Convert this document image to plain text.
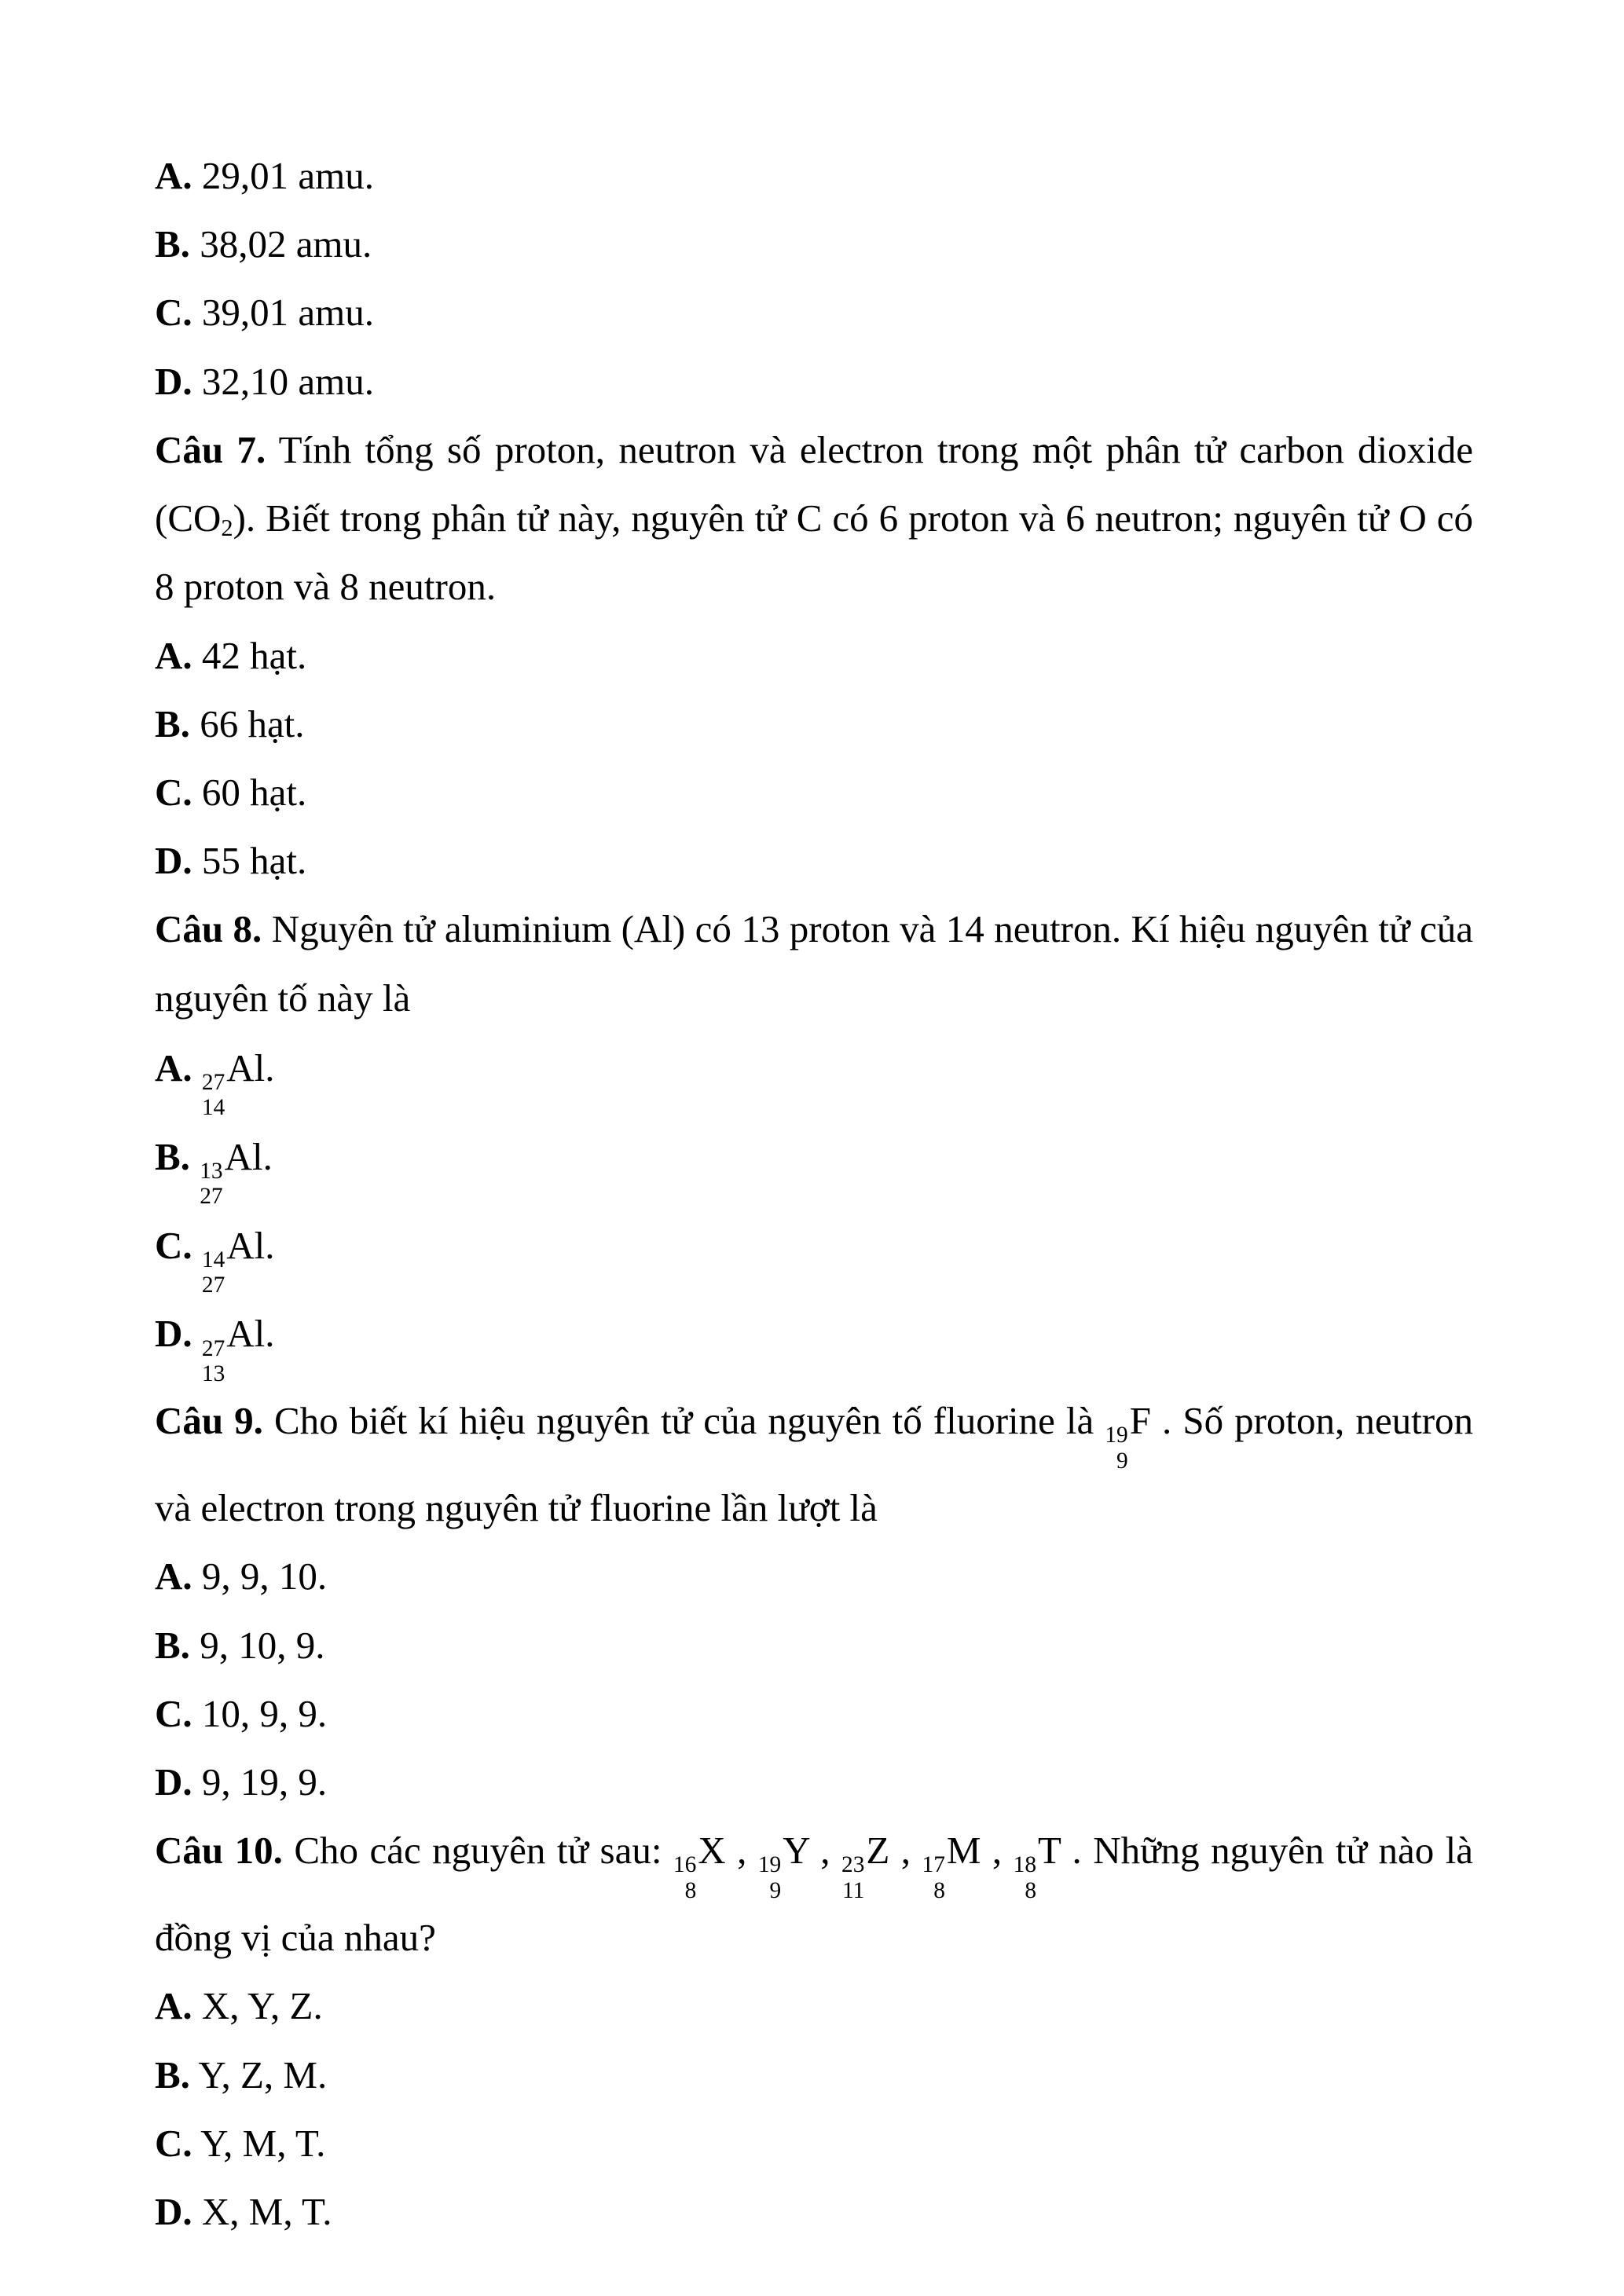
A. 29,01 amu.

B. 38,02 amu.

C. 39,01 amu.

D. 32,10 amu.

Câu 7. Tính tổng số proton, neutron và electron trong một phân tử carbon dioxide $(CO_2)$. Biết trong phân tử này, nguyên tử C có 6 proton và 6 neutron; nguyên tử O có 8 proton và 8 neutron.

A. 42 hạt.

B. 66 hạt.

C. 60 hạt.

D. 55 hạt.

Câu 8. Nguyên tử aluminium (Al) có 13 proton và 14 neutron. Kí hiệu nguyên tử của nguyên tố này là

A. 27
14
Al.

B. 13
27
Al.

C. 14
27
Al.

D. 27
13
Al.

Câu 9. Cho biết kí hiệu nguyên tử của nguyên tố fluorine là 19
9
F . Số proton, neutron và electron trong nguyên tử fluorine lần lượt là

A. 9, 9, 10.

B. 9, 10, 9.

C. 10, 9, 9.

D. 9, 19, 9.

Câu 10. Cho các nguyên tử sau: 16
8
X , 19
9
Y , 23
11
Z , 17
8
M , 18
8
T . Những nguyên tử nào là đồng vị của nhau?

A. X, Y, Z.

B. Y, Z, M.

C. Y, M, T.

D. X, M, T.
